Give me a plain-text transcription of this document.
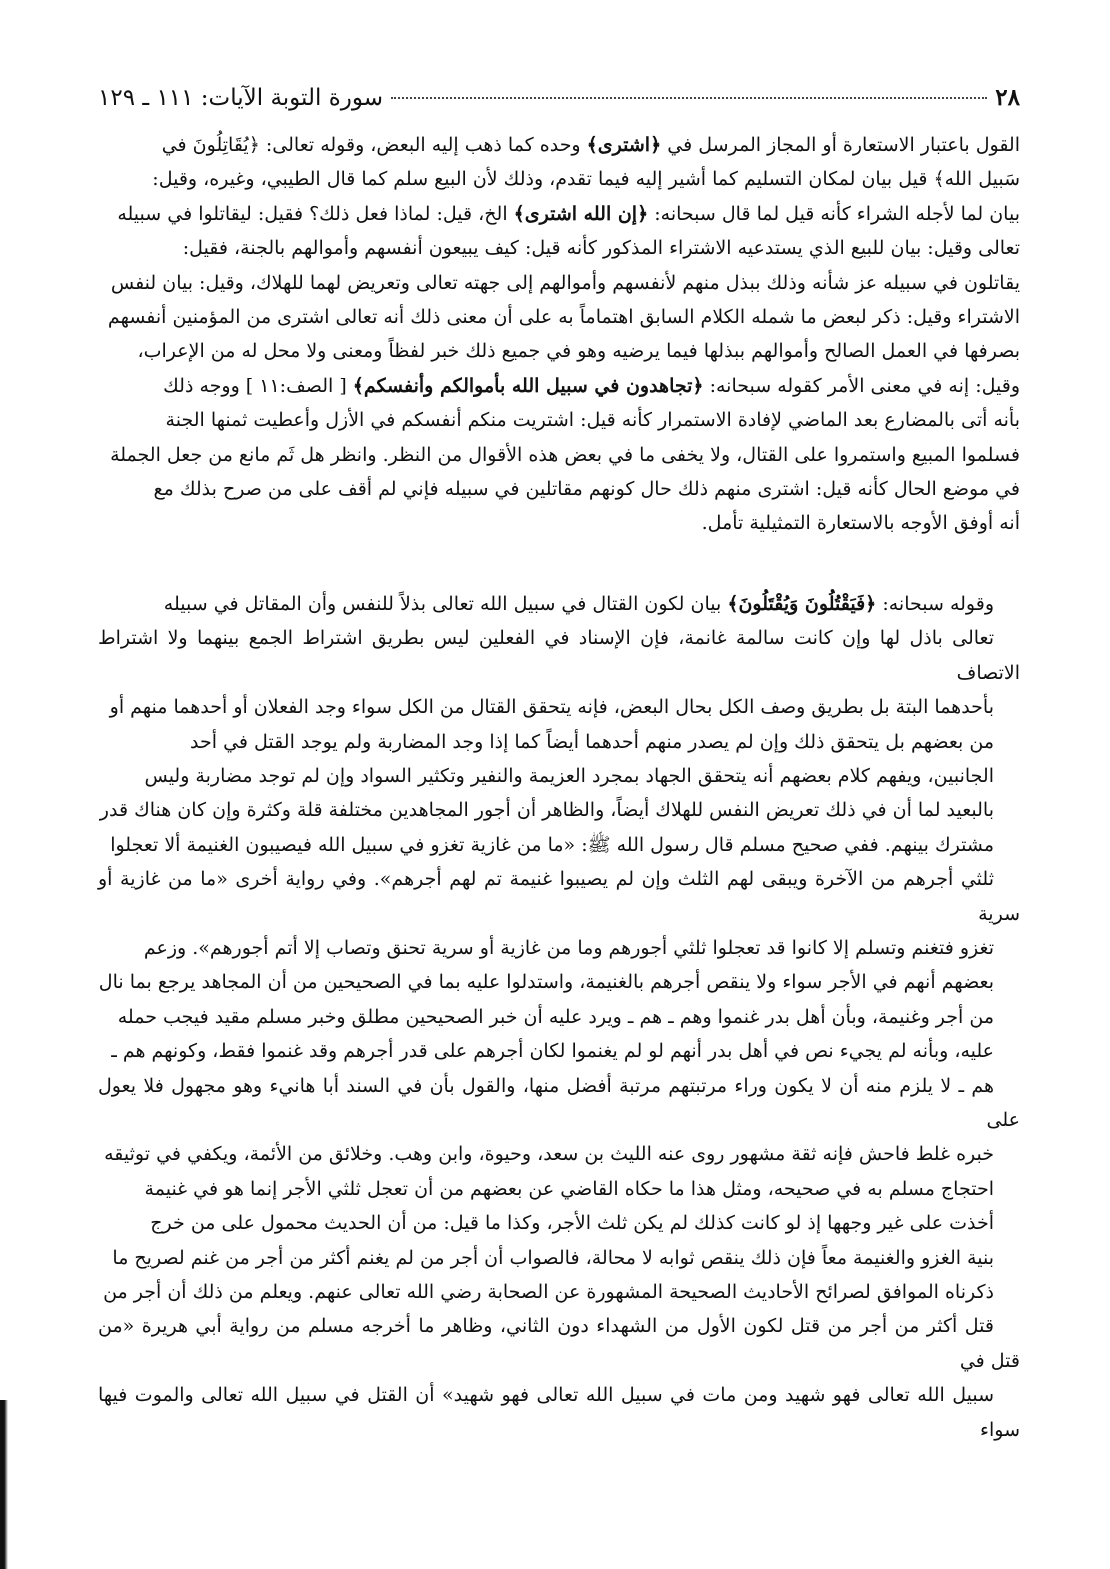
٢٨
سورة التوبة الآيات: ١١١ ـ ١٢٩

القول باعتبار الاستعارة أو المجاز المرسل في ﴿اشترى﴾ وحده كما ذهب إليه البعض، وقوله تعالى: ﴿يُقَاتِلُونَ في
سَبيل الله﴾ قيل بيان لمكان التسليم كما أشير إليه فيما تقدم، وذلك لأن البيع سلم كما قال الطيبي، وغيره، وقيل:
بيان لما لأجله الشراء كأنه قيل لما قال سبحانه: ﴿إن الله اشترى﴾ الخ، قيل: لماذا فعل ذلك؟ فقيل: ليقاتلوا في سبيله
تعالى وقيل: بيان للبيع الذي يستدعيه الاشتراء المذكور كأنه قيل: كيف يبيعون أنفسهم وأموالهم بالجنة، فقيل:
يقاتلون في سبيله عز شأنه وذلك ببذل منهم لأنفسهم وأموالهم إلى جهته تعالى وتعريض لهما للهلاك، وقيل: بيان لنفس
الاشتراء وقيل: ذكر لبعض ما شمله الكلام السابق اهتماماً به على أن معنى ذلك أنه تعالى اشترى من المؤمنين أنفسهم
بصرفها في العمل الصالح وأموالهم ببذلها فيما يرضيه وهو في جميع ذلك خبر لفظاً ومعنى ولا محل له من الإعراب،
وقيل: إنه في معنى الأمر كقوله سبحانه: ﴿تجاهدون في سبيل الله بأموالكم وأنفسكم﴾ [ الصف:١١ ] ووجه ذلك
بأنه أتى بالمضارع بعد الماضي لإفادة الاستمرار كأنه قيل: اشتريت منكم أنفسكم في الأزل وأعطيت ثمنها الجنة
فسلموا المبيع واستمروا على القتال، ولا يخفى ما في بعض هذه الأقوال من النظر. وانظر هل ثَم مانع من جعل الجملة
في موضع الحال كأنه قيل: اشترى منهم ذلك حال كونهم مقاتلين في سبيله فإني لم أقف على من صرح بذلك مع
أنه أوفق الأوجه بالاستعارة التمثيلية تأمل.

وقوله سبحانه: ﴿فَيَقْتُلُونَ وَيُقْتَلُونَ﴾ بيان لكون القتال في سبيل الله تعالى بذلاً للنفس وأن المقاتل في سبيله
تعالى باذل لها وإن كانت سالمة غانمة، فإن الإسناد في الفعلين ليس بطريق اشتراط الجمع بينهما ولا اشتراط الاتصاف
بأحدهما البتة بل بطريق وصف الكل بحال البعض، فإنه يتحقق القتال من الكل سواء وجد الفعلان أو أحدهما منهم أو
من بعضهم بل يتحقق ذلك وإن لم يصدر منهم أحدهما أيضاً كما إذا وجد المضاربة ولم يوجد القتل في أحد
الجانبين، ويفهم كلام بعضهم أنه يتحقق الجهاد بمجرد العزيمة والنفير وتكثير السواد وإن لم توجد مضاربة وليس
بالبعيد لما أن في ذلك تعريض النفس للهلاك أيضاً، والظاهر أن أجور المجاهدين مختلفة قلة وكثرة وإن كان هناك قدر
مشترك بينهم. ففي صحيح مسلم قال رسول الله ﷺ: «ما من غازية تغزو في سبيل الله فيصيبون الغنيمة ألا تعجلوا
ثلثي أجرهم من الآخرة ويبقى لهم الثلث وإن لم يصيبوا غنيمة تم لهم أجرهم». وفي رواية أخرى «ما من غازية أو سرية
تغزو فتغنم وتسلم إلا كانوا قد تعجلوا ثلثي أجورهم وما من غازية أو سرية تحنق وتصاب إلا أتم أجورهم». وزعم
بعضهم أنهم في الأجر سواء ولا ينقص أجرهم بالغنيمة، واستدلوا عليه بما في الصحيحين من أن المجاهد يرجع بما نال
من أجر وغنيمة، وبأن أهل بدر غنموا وهم ـ هم ـ ويرد عليه أن خبر الصحيحين مطلق وخبر مسلم مقيد فيجب حمله
عليه، وبأنه لم يجيء نص في أهل بدر أنهم لو لم يغنموا لكان أجرهم على قدر أجرهم وقد غنموا فقط، وكونهم هم ـ
هم ـ لا يلزم منه أن لا يكون وراء مرتبتهم مرتبة أفضل منها، والقول بأن في السند أبا هانيء وهو مجهول فلا يعول على
خبره غلط فاحش فإنه ثقة مشهور روى عنه الليث بن سعد، وحيوة، وابن وهب. وخلائق من الأئمة، ويكفي في توثيقه
احتجاج مسلم به في صحيحه، ومثل هذا ما حكاه القاضي عن بعضهم من أن تعجل ثلثي الأجر إنما هو في غنيمة
أخذت على غير وجهها إذ لو كانت كذلك لم يكن ثلث الأجر، وكذا ما قيل: من أن الحديث محمول على من خرج
بنية الغزو والغنيمة معاً فإن ذلك ينقص ثوابه لا محالة، فالصواب أن أجر من لم يغنم أكثر من أجر من غنم لصريح ما
ذكرناه الموافق لصرائح الأحاديث الصحيحة المشهورة عن الصحابة رضي الله تعالى عنهم. ويعلم من ذلك أن أجر من
قتل أكثر من أجر من قتل لكون الأول من الشهداء دون الثاني، وظاهر ما أخرجه مسلم من رواية أبي هريرة «من قتل في
سبيل الله تعالى فهو شهيد ومن مات في سبيل الله تعالى فهو شهيد» أن القتل في سبيل الله تعالى والموت فيها سواء
